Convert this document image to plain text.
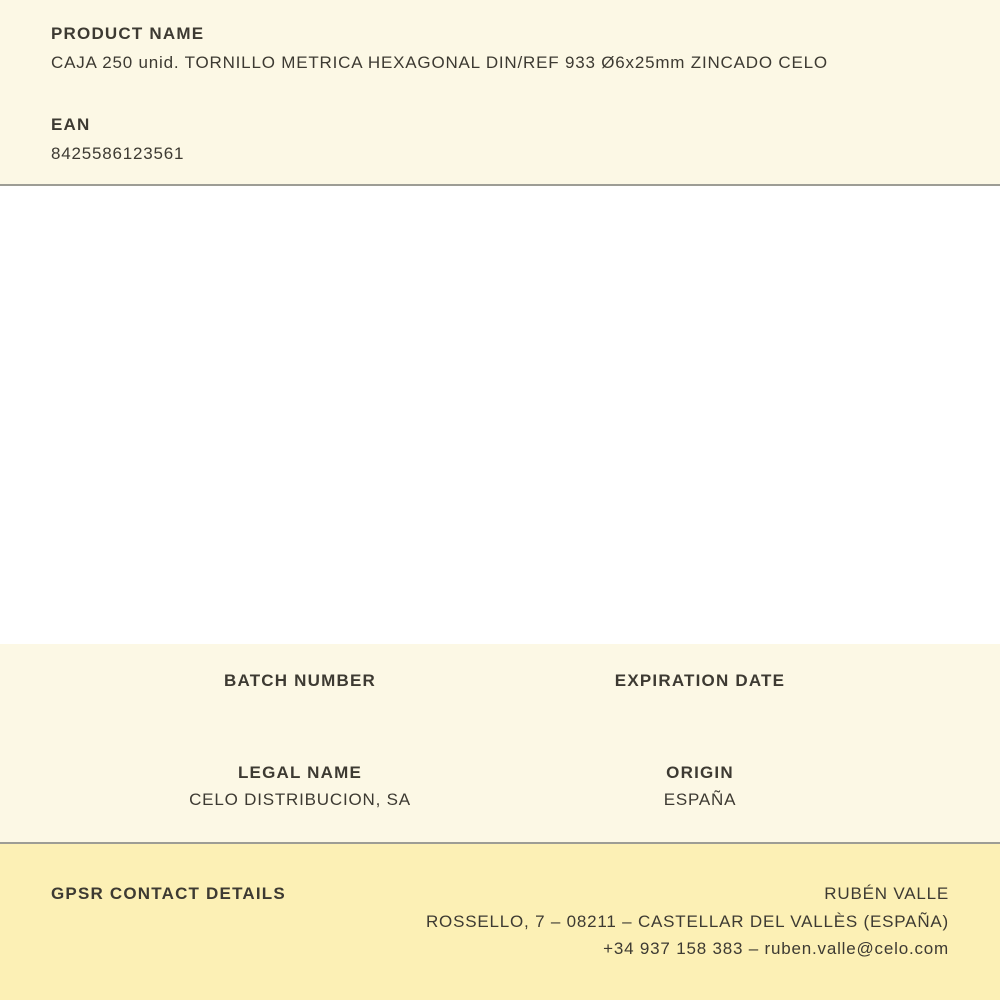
PRODUCT NAME
CAJA 250 unid. TORNILLO METRICA HEXAGONAL DIN/REF 933 Ø6x25mm ZINCADO CELO
EAN
8425586123561
BATCH NUMBER	EXPIRATION DATE
LEGAL NAME
CELO DISTRIBUCION, SA
ORIGIN
ESPAÑA
GPSR CONTACT DETAILS	RUBÉN VALLE
ROSSELLO, 7 – 08211 – CASTELLAR DEL VALLÈS (ESPAÑA)
+34 937 158 383 – ruben.valle@celo.com
